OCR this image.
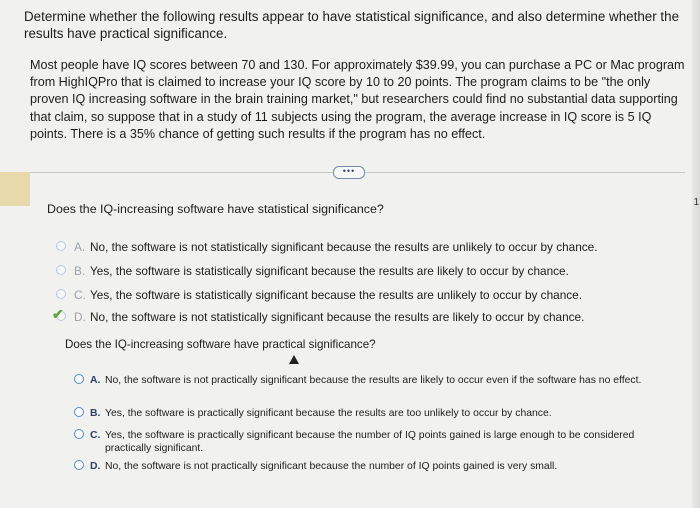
1
Determine whether the following results appear to have statistical significance, and also determine whether the results have practical significance.
Most people have IQ scores between 70 and 130. For approximately $39.99, you can purchase a PC or Mac program from HighIQPro that is claimed to increase your IQ score by 10 to 20 points. The program claims to be "the only proven IQ increasing software in the brain training market," but researchers could find no substantial data supporting that claim, so suppose that in a study of 11 subjects using the program, the average increase in IQ score is 5 IQ points. There is a 35% chance of getting such results if the program has no effect.
•••
Does the IQ-increasing software have statistical significance?
A. No, the software is not statistically significant because the results are unlikely to occur by chance.
B. Yes, the software is statistically significant because the results are likely to occur by chance.
C. Yes, the software is statistically significant because the results are unlikely to occur by chance.
✔ D. No, the software is not statistically significant because the results are likely to occur by chance.
Does the IQ-increasing software have practical significance?
A. No, the software is not practically significant because the results are likely to occur even if the software has no effect.
B. Yes, the software is practically significant because the results are too unlikely to occur by chance.
C. Yes, the software is practically significant because the number of IQ points gained is large enough to be considered practically significant.
D. No, the software is not practically significant because the number of IQ points gained is very small.
